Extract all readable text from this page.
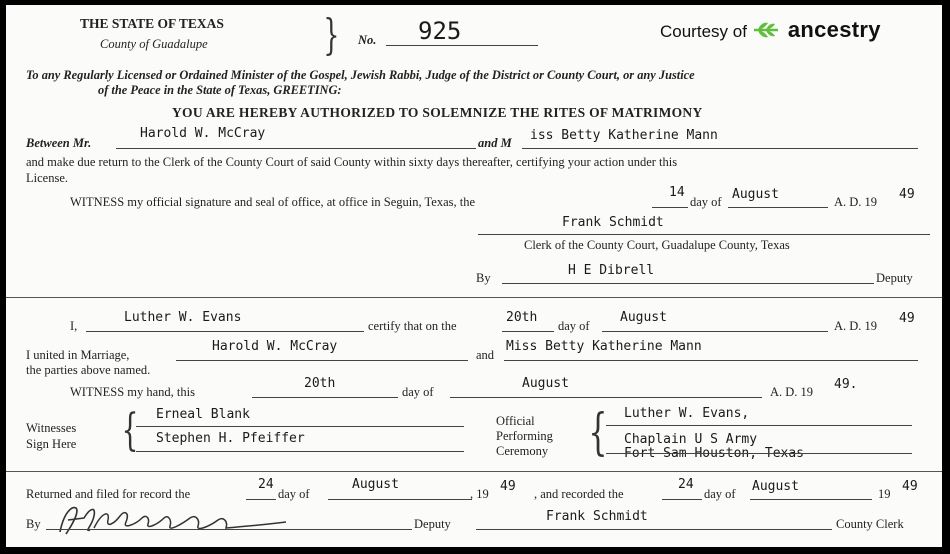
THE STATE OF TEXAS
County of Guadalupe	} No. 925	Courtesy of ancestry
To any Regularly Licensed or Ordained Minister of the Gospel, Jewish Rabbi, Judge of the District or County Court, or any Justice
of the Peace in the State of Texas, GREETING:
YOU ARE HEREBY AUTHORIZED TO SOLEMNIZE THE RITES OF MATRIMONY
Between Mr.
Harold W. McCray
and M iss Betty Katherine Mann
and make due return to the Clerk of the County Court of said County within sixty days thereafter, certifying your action under this
License.
WITNESS my official signature and seal of office, at office in Seguin, Texas, the
14
day of August	A. D. 19 49
Frank Schmidt
Clerk of the County Court, Guadalupe County, Texas
By	H E Dibrell	Deputy
I,
Luther W. Evans
certify that on the
20th
day of
August
A. D. 19 49
I united in Marriage,
Harold W. McCray
and
Miss Betty Katherine Mann
the parties above named.
WITNESS my hand, this
20th
day of
August
A. D. 19 49.
Witnesses
Sign Here { Erneal Blank
Stephen H. Pfeiffer
Official
Performing
Ceremony { Luther W. Evans,
Chaplain U S Army
Fort Sam Houston, Texas
Returned and filed for record the
24
day of
August
, 19 49 , and recorded the
24
day of August	19 49
By	Deputy	Frank Schmidt	County Clerk
